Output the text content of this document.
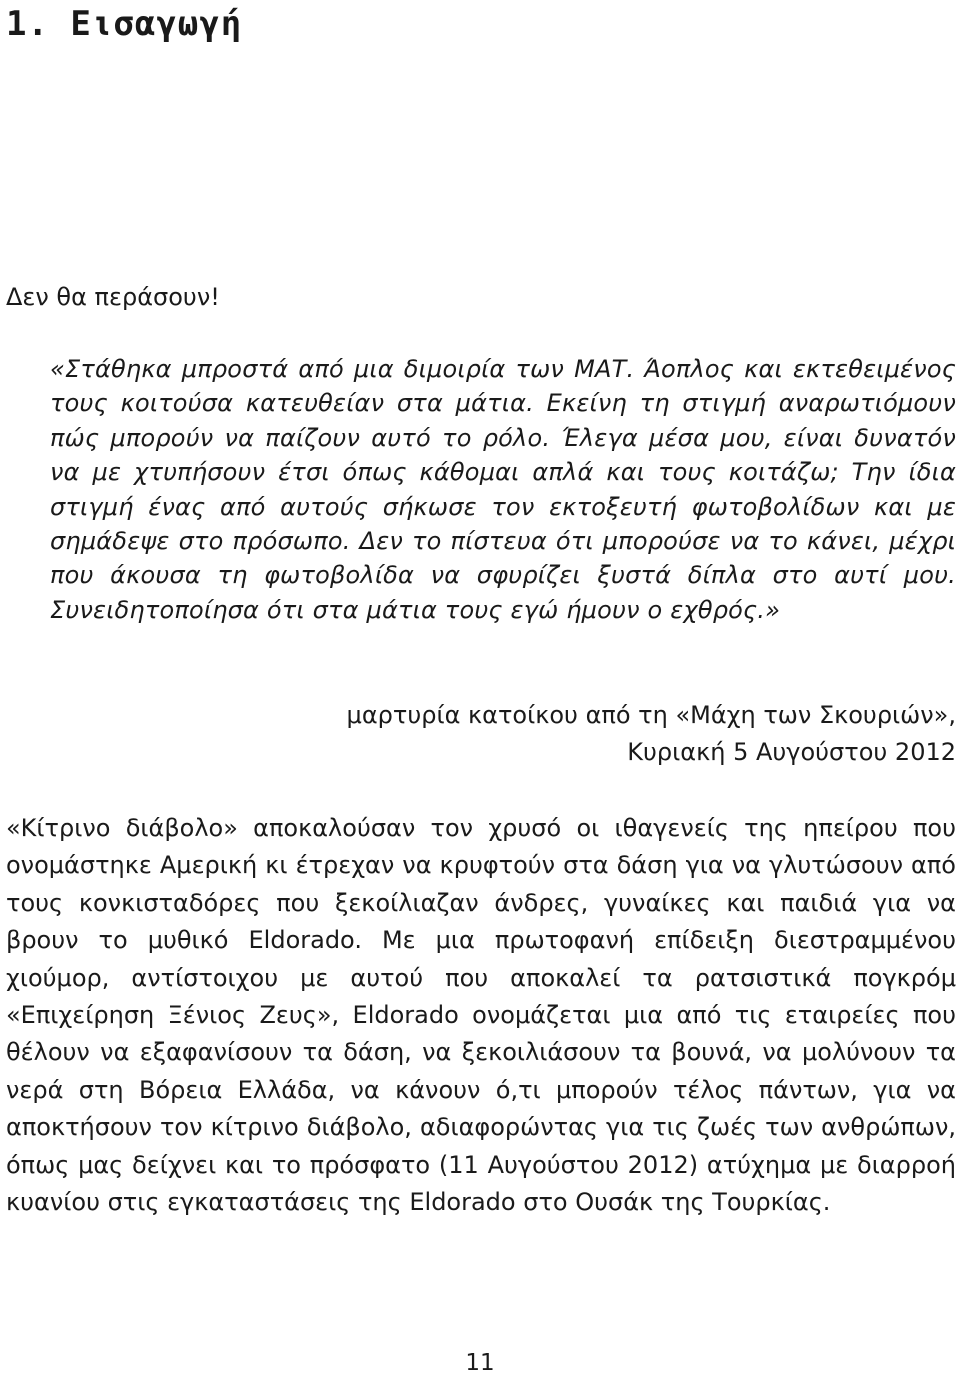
1. Εισαγωγή
Δεν θα περάσουν!

«Στάθηκα μπροστά από μια διμοιρία των ΜΑΤ. Άοπλος και εκτεθειμένος τους κοιτούσα κατευθείαν στα μάτια. Εκείνη τη στιγμή αναρωτιόμουν πώς μπορούν να παίζουν αυτό το ρόλο. Έλεγα μέσα μου, είναι δυνατόν να με χτυπήσουν έτσι όπως κάθομαι απλά και τους κοιτάζω; Την ίδια στιγμή ένας από αυτούς σήκωσε τον εκτοξευτή φωτοβολίδων και με σημάδεψε στο πρόσωπο. Δεν το πίστευα ότι μπορούσε να το κάνει, μέχρι που άκουσα τη φωτοβολίδα να σφυρίζει ξυστά δίπλα στο αυτί μου. Συνειδητοποίησα ότι στα μάτια τους εγώ ήμουν ο εχθρός.»

μαρτυρία κατοίκου από τη «Μάχη των Σκουριών»,
Κυριακή 5 Αυγούστου 2012

«Κίτρινο διάβολο» αποκαλούσαν τον χρυσό οι ιθαγενείς της ηπείρου που ονομάστηκε Αμερική κι έτρεχαν να κρυφτούν στα δάση για να γλυτώσουν από τους κονκισταδόρες που ξεκοίλιαζαν άνδρες, γυναίκες και παιδιά για να βρουν το μυθικό Eldorado. Με μια πρωτοφανή επίδειξη διεστραμμένου χιούμορ, αντίστοιχου με αυτού που αποκαλεί τα ρατσιστικά πογκρόμ «Επιχείρηση Ξένιος Ζευς», Eldorado ονομάζεται μια από τις εταιρείες που θέλουν να εξαφανίσουν τα δάση, να ξεκοιλιάσουν τα βουνά, να μολύνουν τα νερά στη Βόρεια Ελλάδα, να κάνουν ό,τι μπορούν τέλος πάντων, για να αποκτήσουν τον κίτρινο διάβολο, αδιαφορώντας για τις ζωές των ανθρώπων, όπως μας δείχνει και το πρόσφατο (11 Αυγούστου 2012) ατύχημα με διαρροή κυανίου στις εγκαταστάσεις της Eldorado στο Ουσάκ της Τουρκίας.

11
